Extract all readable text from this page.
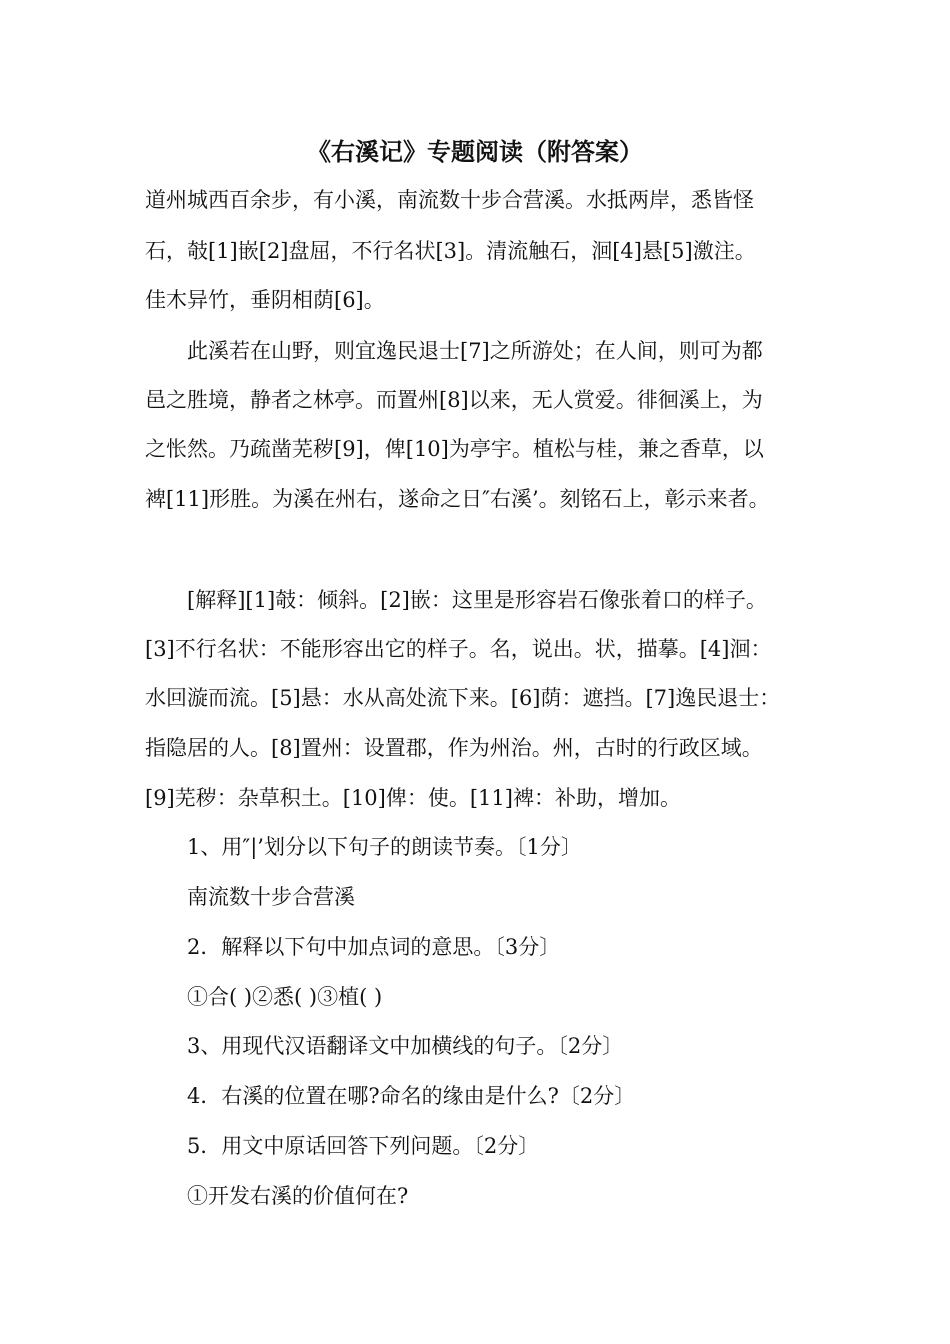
《右溪记》专题阅读（附答案）
道州城西百余步，有小溪，南流数十步合营溪。水抵两岸，悉皆怪
石，攲[1]嵌[2]盘屈，不行名状[3]。清流触石，洄[4]悬[5]激注。
佳木异竹，垂阴相荫[6]。
此溪若在山野，则宜逸民退士[7]之所游处；在人间，则可为都
邑之胜境，静者之林亭。而置州[8]以来，无人赏爱。徘徊溪上，为
之怅然。乃疏凿芜秽[9]，俾[10]为亭宇。植松与桂，兼之香草，以
裨[11]形胜。为溪在州右，遂命之日″右溪’。刻铭石上，彰示来者。
[解释][1]攲：倾斜。[2]嵌：这里是形容岩石像张着口的样子。
[3]不行名状：不能形容出它的样子。名，说出。状，描摹。[4]洄：
水回漩而流。[5]悬：水从高处流下来。[6]荫：遮挡。[7]逸民退士：
指隐居的人。[8]置州：设置郡，作为州治。州，古时的行政区域。
[9]芜秽：杂草积土。[10]俾：使。[11]裨：补助，增加。
1、用″|’划分以下句子的朗读节奏。〔1分〕
南流数十步合营溪
2．解释以下句中加点词的意思。〔3分〕
①合( )②悉( )③植( )
3、用现代汉语翻译文中加横线的句子。〔2分〕
4．右溪的位置在哪?命名的缘由是什么?〔2分〕
5．用文中原话回答下列问题。〔2分〕
①开发右溪的价值何在?
